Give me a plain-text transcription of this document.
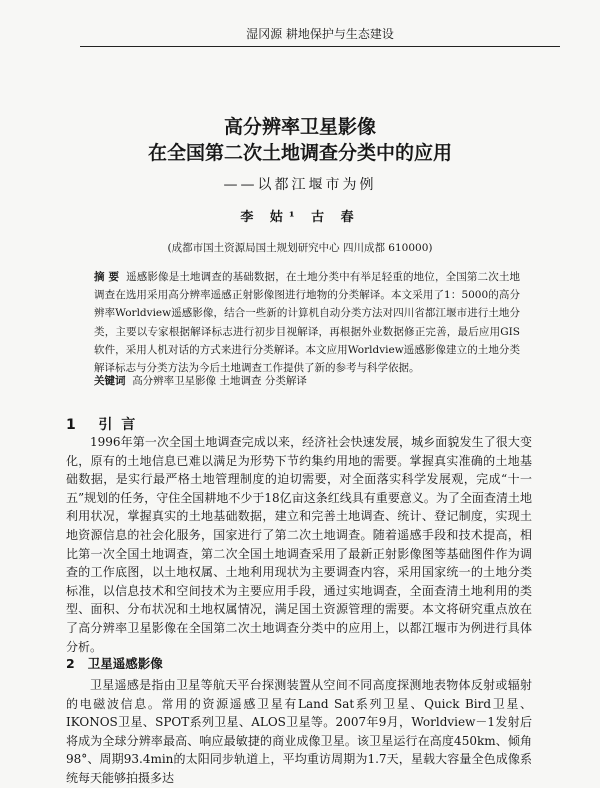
湿冈源 耕地保护与生态建设
高分辨率卫星影像
在全国第二次土地调查分类中的应用
——以都江堰市为例
李 姑¹ 古 春
(成都市国土资源局国土规划研究中心 四川成都 610000)
摘 要 遥感影像是土地调查的基础数据，在土地分类中有举足轻重的地位，全国第二次土地调查在选用采用高分辨率遥感正射影像图进行地物的分类解译。本文采用了1：5000的高分辨率Worldview遥感影像，结合一些新的计算机自动分类方法对四川省都江堰市进行土地分类，主要以专家根据解译标志进行初步目视解译，再根据外业数据修正完善，最后应用GIS软件，采用人机对话的方式来进行分类解译。本文应用Worldview遥感影像建立的土地分类解译标志与分类方法为今后土地调查工作提供了新的参考与科学依据。
关键词 高分辨率卫星影像 土地调查 分类解译
1 引 言
1996年第一次全国土地调查完成以来，经济社会快速发展，城乡面貌发生了很大变化，原有的土地信息已难以满足为形势下节约集约用地的需要。掌握真实准确的土地基础数据，是实行最严格土地管理制度的迫切需要，对全面落实科学发展观，完成“十一五”规划的任务，守住全国耕地不少于18亿亩这条红线具有重要意义。为了全面查清土地利用状况，掌握真实的土地基础数据，建立和完善土地调查、统计、登记制度，实现土地资源信息的社会化服务，国家进行了第二次土地调查。随着遥感手段和技术提高，相比第一次全国土地调查，第二次全国土地调查采用了最新正射影像图等基础图件作为调查的工作底图，以土地权属、土地利用现状为主要调查内容，采用国家统一的土地分类标准，以信息技术和空间技术为主要应用手段，通过实地调查，全面查清土地利用的类型、面积、分布状况和土地权属情况，满足国土资源管理的需要。本文将研究重点放在了高分辨率卫星影像在全国第二次土地调查分类中的应用上，以都江堰市为例进行具体分析。
2 卫星遥感影像
卫星遥感是指由卫星等航天平台探测装置从空间不同高度探测地表物体反射或辐射的电磁波信息。常用的资源遥感卫星有Land Sat系列卫星、Quick Bird卫星、IKONOS卫星、SPOT系列卫星、ALOS卫星等。2007年9月，Worldview－1发射后将成为全球分辨率最高、响应最敏捷的商业成像卫星。该卫星运行在高度450km、倾角98°、周期93.4min的太阳同步轨道上，平均重访周期为1.7天，星载大容量全色成像系统每天能够拍摄多达
